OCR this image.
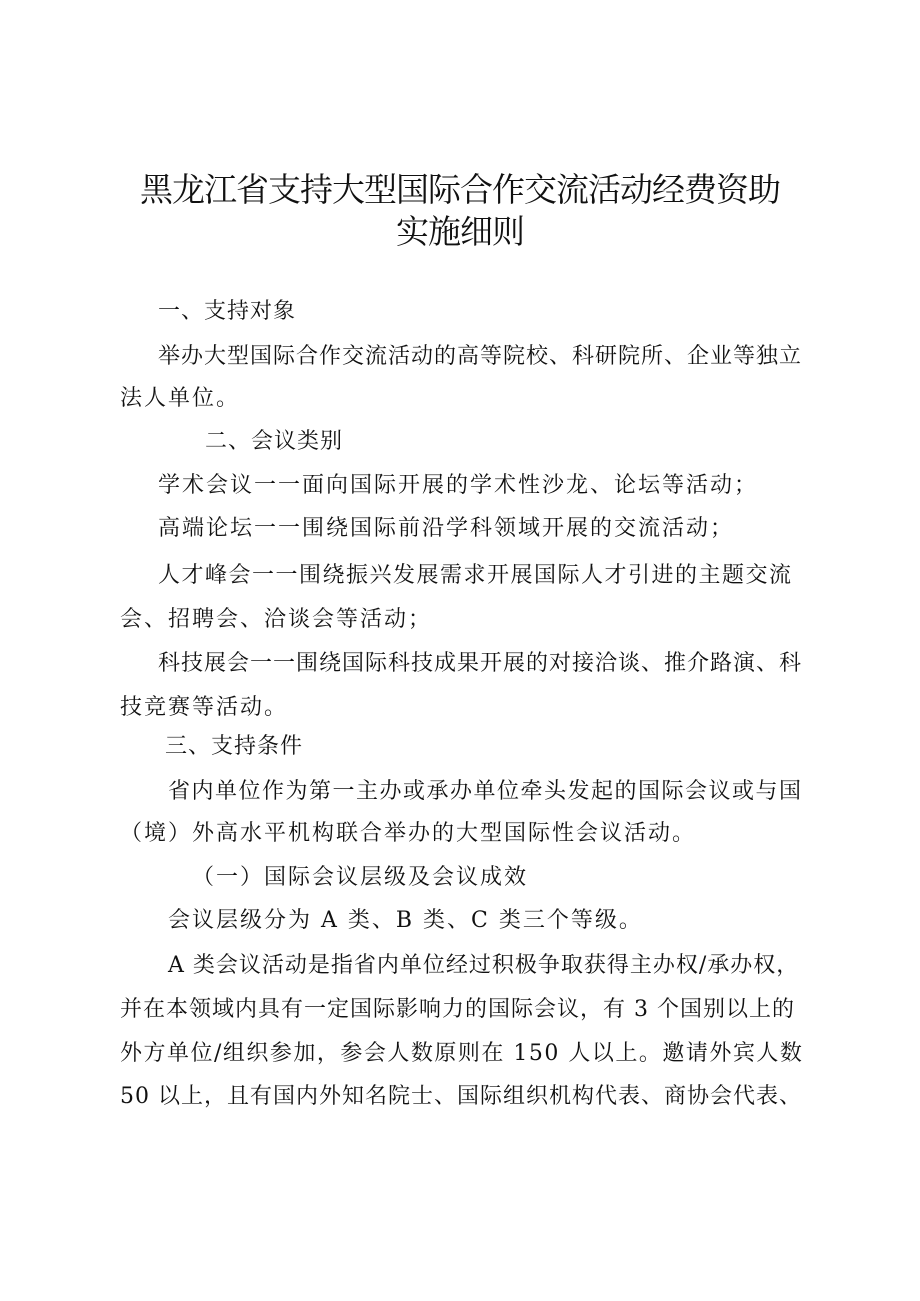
黑龙江省支持大型国际合作交流活动经费资助
实施细则
一、支持对象
举办大型国际合作交流活动的高等院校、科研院所、企业等独立
法人单位。
二、会议类别
学术会议一一面向国际开展的学术性沙龙、论坛等活动；
高端论坛一一围绕国际前沿学科领域开展的交流活动；
人才峰会一一围绕振兴发展需求开展国际人才引进的主题交流
会、招聘会、洽谈会等活动；
科技展会一一围绕国际科技成果开展的对接洽谈、推介路演、科
技竞赛等活动。
三、支持条件
省内单位作为第一主办或承办单位牵头发起的国际会议或与国
（境）外高水平机构联合举办的大型国际性会议活动。
（一）国际会议层级及会议成效
会议层级分为 A 类、B 类、C 类三个等级。
A 类会议活动是指省内单位经过积极争取获得主办权/承办权，
并在本领域内具有一定国际影响力的国际会议，有 3 个国别以上的
外方单位/组织参加，参会人数原则在 150 人以上。邀请外宾人数
50 以上，且有国内外知名院士、国际组织机构代表、商协会代表、
